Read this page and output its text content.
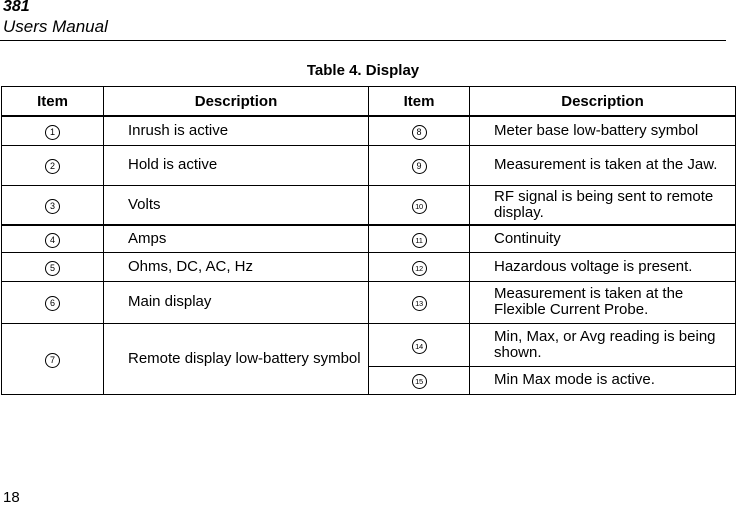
381
Users Manual
Table 4. Display
Item	Description	Item	Description
1	Inrush is active	8	Meter base low-battery symbol
2	Hold is active	9	Measurement is taken at the Jaw.
3	Volts	10	RF signal is being sent to remote display.
4	Amps	11	Continuity
5	Ohms, DC, AC, Hz	12	Hazardous voltage is present.
6	Main display	13	Measurement is taken at the Flexible Current Probe.
7	Remote display low-battery symbol	14	Min, Max, or Avg reading is being shown.
		15	Min Max mode is active.
18
